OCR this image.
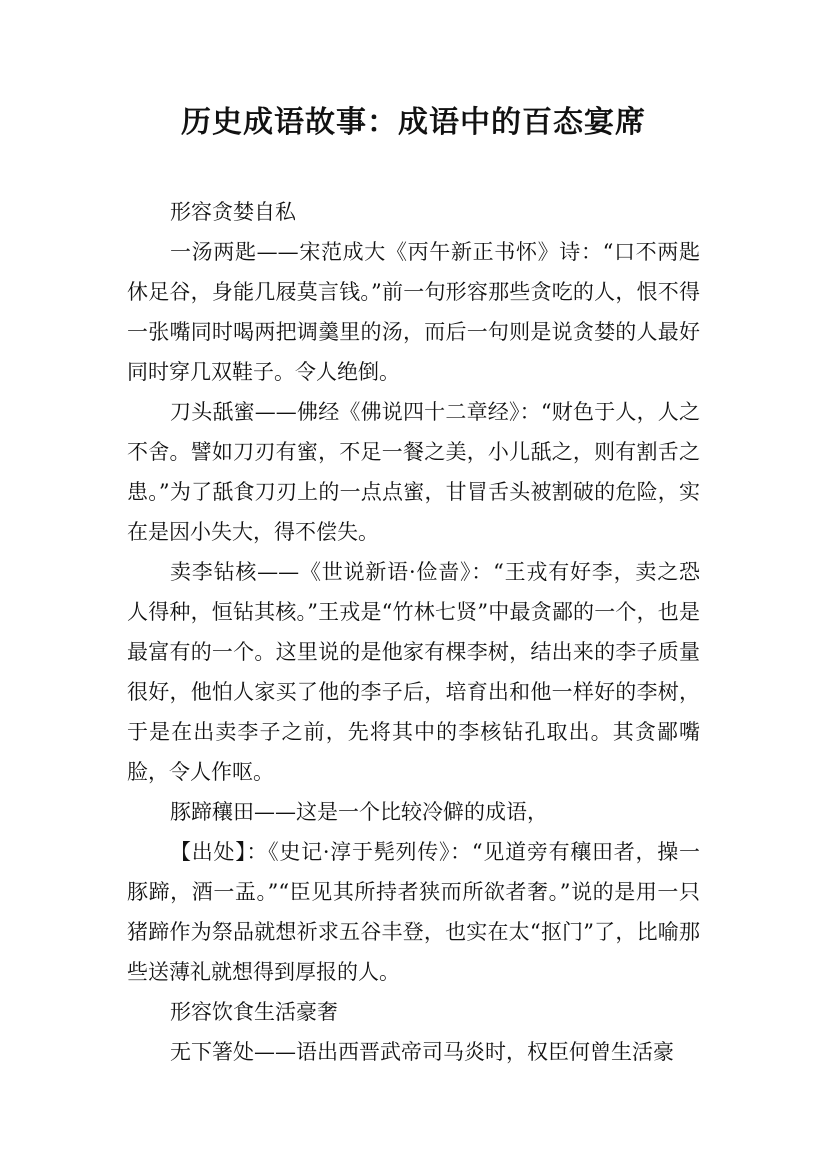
历史成语故事：成语中的百态宴席

形容贪婪自私

一汤两匙——宋范成大《丙午新正书怀》诗：“口不两匙休足谷，身能几屐莫言钱。”前一句形容那些贪吃的人，恨不得一张嘴同时喝两把调羹里的汤，而后一句则是说贪婪的人最好同时穿几双鞋子。令人绝倒。

刀头舐蜜——佛经《佛说四十二章经》：“财色于人，人之不舍。譬如刀刃有蜜，不足一餐之美，小儿舐之，则有割舌之患。”为了舐食刀刃上的一点点蜜，甘冒舌头被割破的危险，实在是因小失大，得不偿失。

卖李钻核——《世说新语·俭啬》：“王戎有好李，卖之恐人得种，恒钻其核。”王戎是“竹林七贤”中最贪鄙的一个，也是最富有的一个。这里说的是他家有棵李树，结出来的李子质量很好，他怕人家买了他的李子后，培育出和他一样好的李树，于是在出卖李子之前，先将其中的李核钻孔取出。其贪鄙嘴脸，令人作呕。

豚蹄穰田——这是一个比较冷僻的成语，

【出处】：《史记·淳于髡列传》：“见道旁有穰田者，操一豚蹄，酒一盂。”“臣见其所持者狭而所欲者奢。”说的是用一只猪蹄作为祭品就想祈求五谷丰登，也实在太“抠门”了，比喻那些送薄礼就想得到厚报的人。

形容饮食生活豪奢

无下箸处——语出西晋武帝司马炎时，权臣何曾生活豪
